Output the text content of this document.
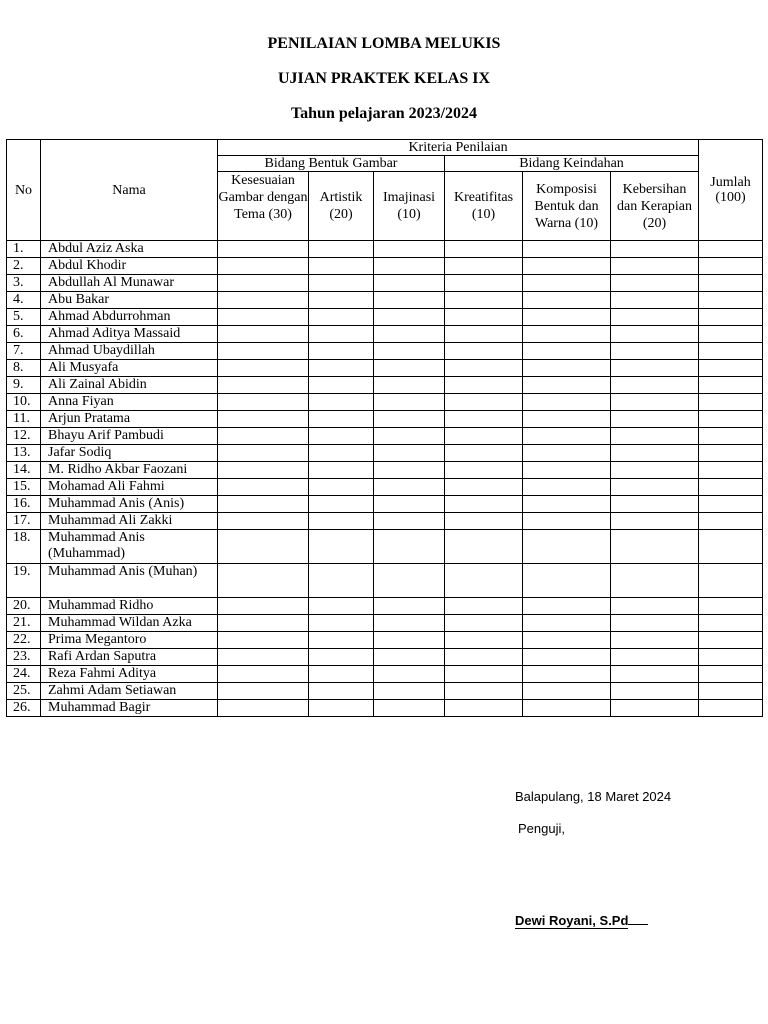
PENILAIAN LOMBA MELUKIS
UJIAN PRAKTEK KELAS IX
Tahun pelajaran 2023/2024
No	Nama	Kriteria Penilaian						Jumlah (100)
		Bidang Bentuk Gambar			Bidang Keindahan			
		Kesesuaian Gambar dengan Tema (30)	Artistik (20)	Imajinasi (10)	Kreatifitas (10)	Komposisi Bentuk dan Warna (10)	Kebersihan dan Kerapian (20)	
1.	Abdul Aziz Aska							
2.	Abdul Khodir							
3.	Abdullah Al Munawar							
4.	Abu Bakar							
5.	Ahmad Abdurrohman							
6.	Ahmad Aditya Massaid							
7.	Ahmad Ubaydillah							
8.	Ali Musyafa							
9.	Ali Zainal Abidin							
10.	Anna Fiyan							
11.	Arjun Pratama							
12.	Bhayu Arif Pambudi							
13.	Jafar Sodiq							
14.	M. Ridho Akbar Faozani							
15.	Mohamad Ali Fahmi							
16.	Muhammad Anis (Anis)							
17.	Muhammad Ali Zakki							
18.	Muhammad Anis (Muhammad)							
19.	Muhammad Anis (Muhan)							
20.	Muhammad Ridho							
21.	Muhammad Wildan Azka							
22.	Prima Megantoro							
23.	Rafi Ardan Saputra							
24.	Reza Fahmi Aditya							
25.	Zahmi Adam Setiawan							
26.	Muhammad Bagir							
Balapulang, 18 Maret 2024
Penguji,
Dewi Royani, S.Pd
